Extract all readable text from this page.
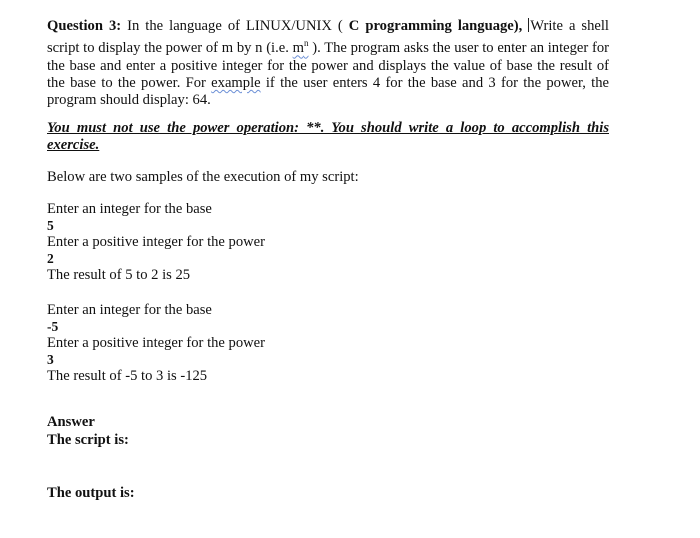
Question 3: In the language of LINUX/UNIX ( C programming language), Write a shell script to display the power of m by n (i.e. $m^n$ ). The program asks the user to enter an integer for the base and enter a positive integer for the power and displays the value of base the result of the base to the power. For example if the user enters 4 for the base and 3 for the power, the program should display: 64.

You must not use the power operation: **. You should write a loop to accomplish this exercise.
Below are two samples of the execution of my script:
Enter an integer for the base
5
Enter a positive integer for the power
2
The result of 5 to 2 is 25
Enter an integer for the base
-5
Enter a positive integer for the power
3
The result of -5 to 3 is -125
Answer
The script is:
The output is:
